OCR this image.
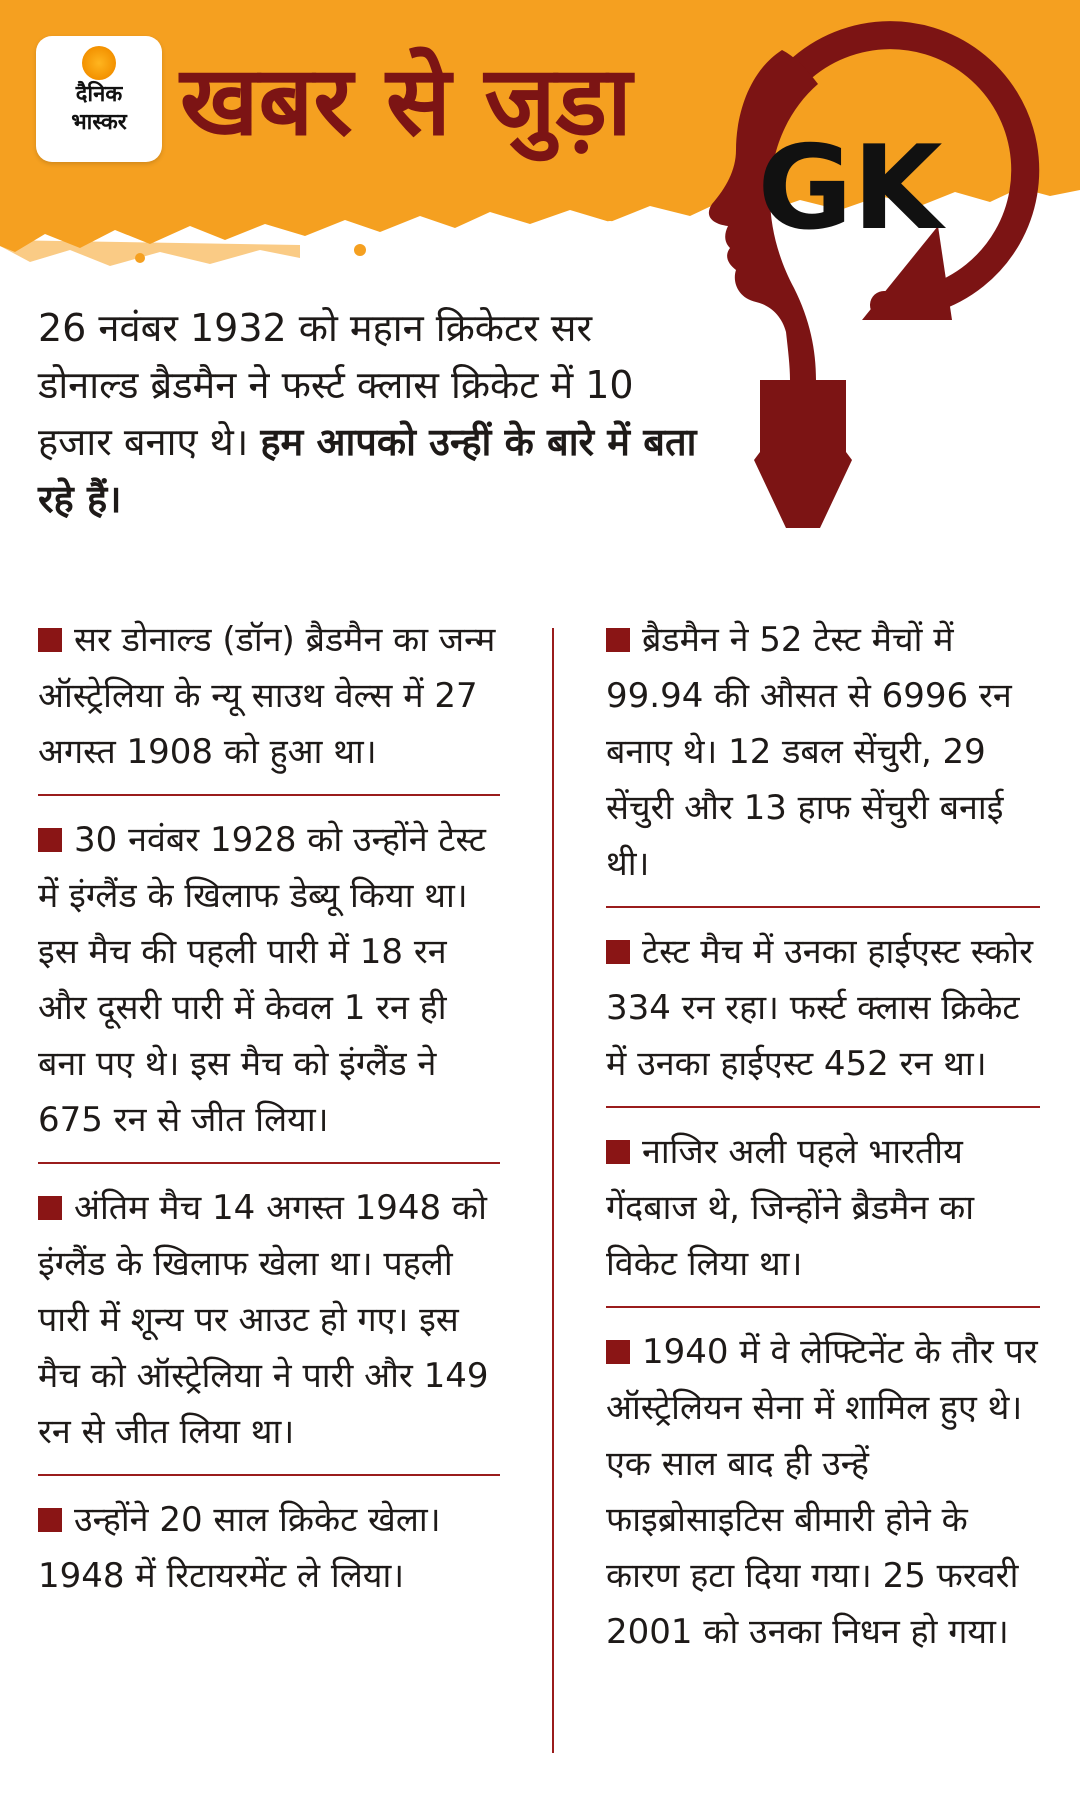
दैनिक
भास्कर खबर से जुड़ा
GK
26 नवंबर 1932 को महान क्रिकेटर सर डोनाल्ड ब्रैडमैन ने फर्स्ट क्लास क्रिकेट में 10 हजार बनाए थे। हम आपको उन्हीं के बारे में बता रहे हैं।
सर डोनाल्ड (डॉन) ब्रैडमैन का जन्म ऑस्ट्रेलिया के न्यू साउथ वेल्स में 27 अगस्त 1908 को हुआ था।
30 नवंबर 1928 को उन्होंने टेस्ट में इंग्लैंड के खिलाफ डेब्यू किया था। इस मैच की पहली पारी में 18 रन और दूसरी पारी में केवल 1 रन ही बना पए थे। इस मैच को इंग्लैंड ने 675 रन से जीत लिया।
अंतिम मैच 14 अगस्त 1948 को इंग्लैंड के खिलाफ खेला था। पहली पारी में शून्य पर आउट हो गए। इस मैच को ऑस्ट्रेलिया ने पारी और 149 रन से जीत लिया था।
उन्होंने 20 साल क्रिकेट खेला। 1948 में रिटायरमेंट ले लिया।
ब्रैडमैन ने 52 टेस्ट मैचों में 99.94 की औसत से 6996 रन बनाए थे। 12 डबल सेंचुरी, 29 सेंचुरी और 13 हाफ सेंचुरी बनाई थी।
टेस्ट मैच में उनका हाईएस्ट स्कोर 334 रन रहा। फर्स्ट क्लास क्रिकेट में उनका हाईएस्ट 452 रन था।
नाजिर अली पहले भारतीय गेंदबाज थे, जिन्होंने ब्रैडमैन का विकेट लिया था।
1940 में वे लेफ्टिनेंट के तौर पर ऑस्ट्रेलियन सेना में शामिल हुए थे। एक साल बाद ही उन्हें फाइब्रोसाइटिस बीमारी होने के कारण हटा दिया गया। 25 फरवरी 2001 को उनका निधन हो गया।
